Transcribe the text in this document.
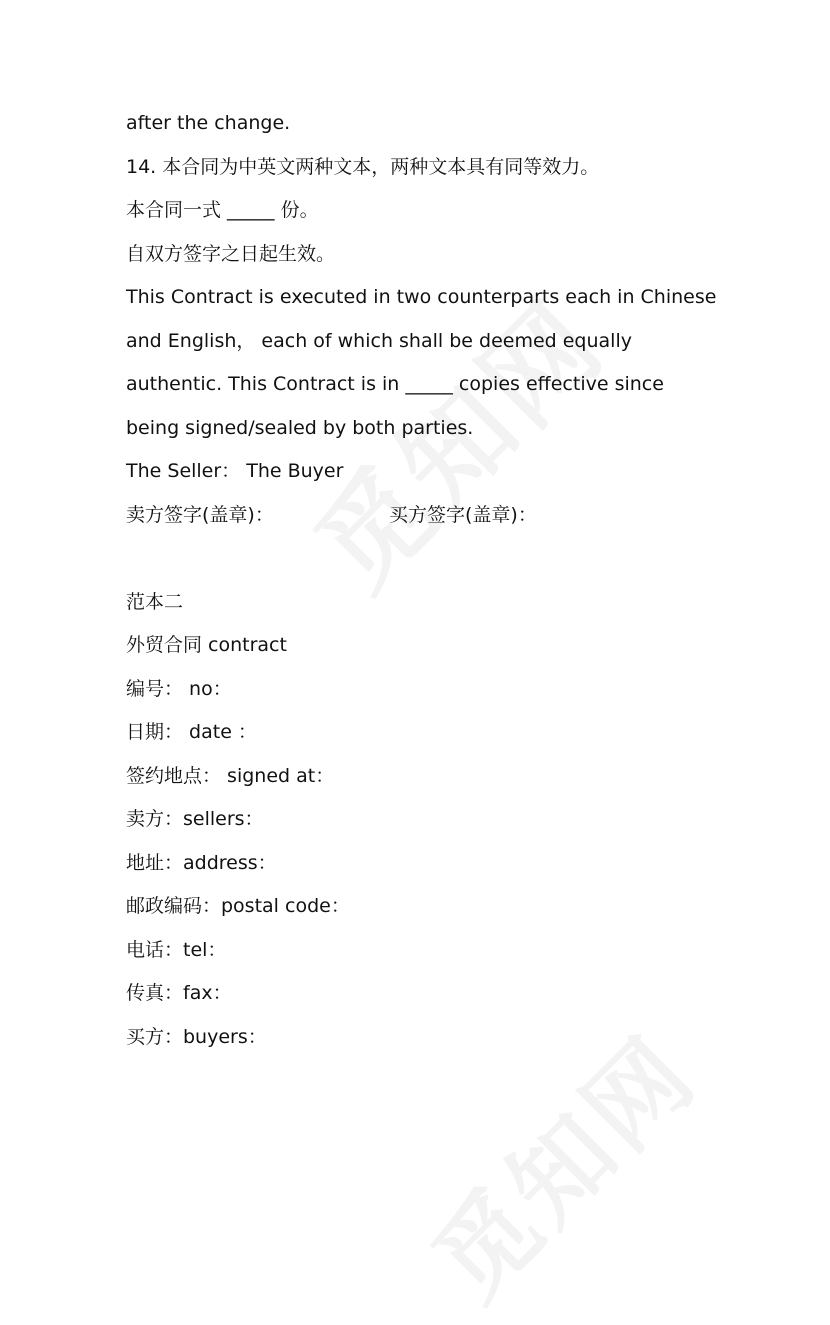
after the change.
14. 本合同为中英文两种文本，两种文本具有同等效力。
本合同一式 _____ 份。
自双方签字之日起生效。
This Contract is executed in two counterparts each in Chinese
and English， each of which shall be deemed equally
authentic. This Contract is in _____ copies effective since
being signed/sealed by both parties.
The Seller： The Buyer
卖方签字(盖章)：	买方签字(盖章)：
范本二
外贸合同 contract
编号： no：
日期： date ：
签约地点： signed at：
卖方：sellers：
地址：address：
邮政编码：postal code：
电话：tel：
传真：fax：
买方：buyers：
